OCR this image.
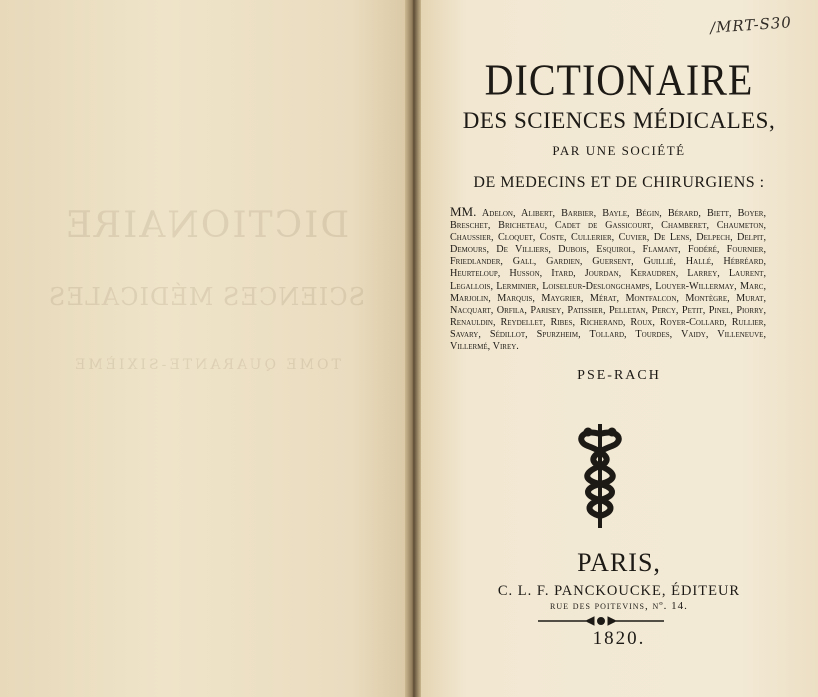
DICTIONAIRE
SCIENCES MÉDICALES
TOME QUARANTE-SIXIÈME
/MRT-S30
DICTIONAIRE
DES SCIENCES MÉDICALES,
PAR UNE SOCIÉTÉ
DE MEDECINS ET DE CHIRURGIENS :
MM. Adelon, Alibert, Barbier, Bayle, Bégin, Bérard, Biett, Boyer, Breschet, Bricheteau, Cadet de Gassicourt, Chamberet, Chaumeton, Chaussier, Cloquet, Coste, Cullerier, Cuvier, De Lens, Delpech, Delpit, Demours, De Villiers, Dubois, Esquirol, Flamant, Fodéré, Fournier, Friedlander, Gall, Gardien, Guersent, Guillié, Hallé, Hébréard, Heurteloup, Husson, Itard, Jourdan, Keraudren, Larrey, Laurent, Legallois, Lerminier, Loiseleur-Deslongchamps, Louyer-Willermay, Marc, Marjolin, Marquis, Maygrier, Mérat, Montfalcon, Montègre, Murat, Nacquart, Orfila, Parisey, Patissier, Pelletan, Percy, Petit, Pinel, Piorry, Renauldin, Reydellet, Ribes, Richerand, Roux, Royer-Collard, Rullier, Savary, Sédillot, Spurzheim, Tollard, Tourdes, Vaidy, Villeneuve, Villermé, Virey.
PSE-RACH
PARIS,
C. L. F. PANCKOUCKE, ÉDITEUR
rue des poitevins, nº. 14.
1820.
